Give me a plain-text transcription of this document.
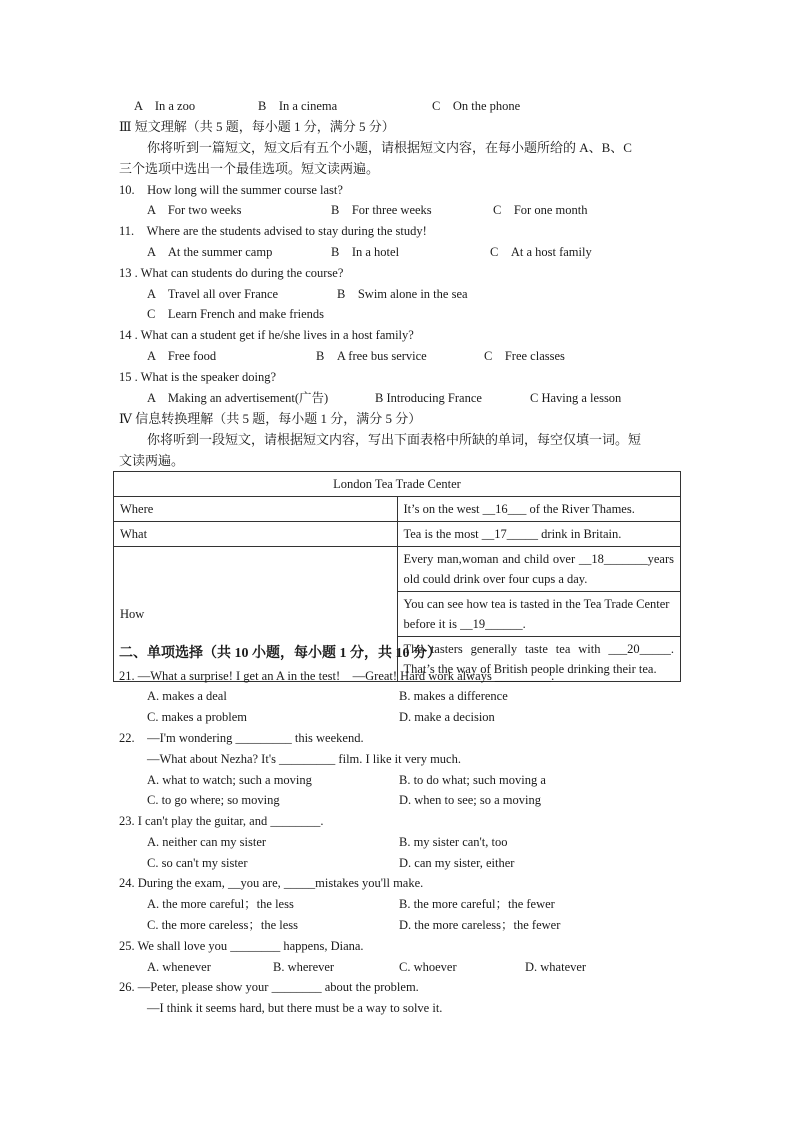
A　In a zoo	B　In a cinema	C　On the phone
Ⅲ 短文理解（共 5 题，每小题 1 分，满分 5 分）
你将听到一篇短文，短文后有五个小题，请根据短文内容，在每小题所给的 A、B、C
三个选项中选出一个最佳选项。短文读两遍。
10.　How long will the summer course last?
A　For two weeks	B　For three weeks	C　For one month
11.　Where are the students advised to stay during the study!
A　At the summer camp	B　In a hotel	C　At a host family
13 . What can students do during the course?
A　Travel all over France	B　Swim alone in the sea
C　Learn French and make friends
14 . What can a student get if he/she lives in a host family?
A　Free food	B　A free bus service	C　Free classes
15 . What is the speaker doing?
A　Making an advertisement(广告)	B Introducing France	C Having a lesson
Ⅳ 信息转换理解（共 5 题，每小题 1 分，满分 5 分）
你将听到一段短文，请根据短文内容，写出下面表格中所缺的单词，每空仅填一词。短
文读两遍。
London Tea Trade Center	
Where	It’s on the west __16___ of the River Thames.
What	Tea is the most __17_____ drink in Britain.
How	Every man,woman and child over __18_______years old could drink over four cups a day.
	You can see how tea is tasted in the Tea Trade Center before it is __19______.
	The tasters generally taste tea with ___20_____. That’s the way of British people drinking their tea.
二、单项选择（共 10 小题，每小题 1 分，共 10 分）
21. —What a surprise! I get an A in the test!　—Great! Hard work always _________.
A. makes a deal	B. makes a difference
C. makes a problem	D. make a decision
22.　—I'm wondering _________ this weekend.
—What about Nezha? It's _________ film. I like it very much.
A. what to watch; such a moving	B. to do what; such moving a
C. to go where; so moving	D. when to see; so a moving
23. I can't play the guitar, and ________.
A. neither can my sister	B. my sister can't, too
C. so can't my sister	D. can my sister, either
24. During the exam, __you are, _____mistakes you'll make.
A. the more careful；the less	B. the more careful；the fewer
C. the more careless；the less	D. the more careless；the fewer
25. We shall love you ________ happens, Diana.
A. whenever	B. wherever	C. whoever	D. whatever
26. —Peter, please show your ________ about the problem.
—I think it seems hard, but there must be a way to solve it.
